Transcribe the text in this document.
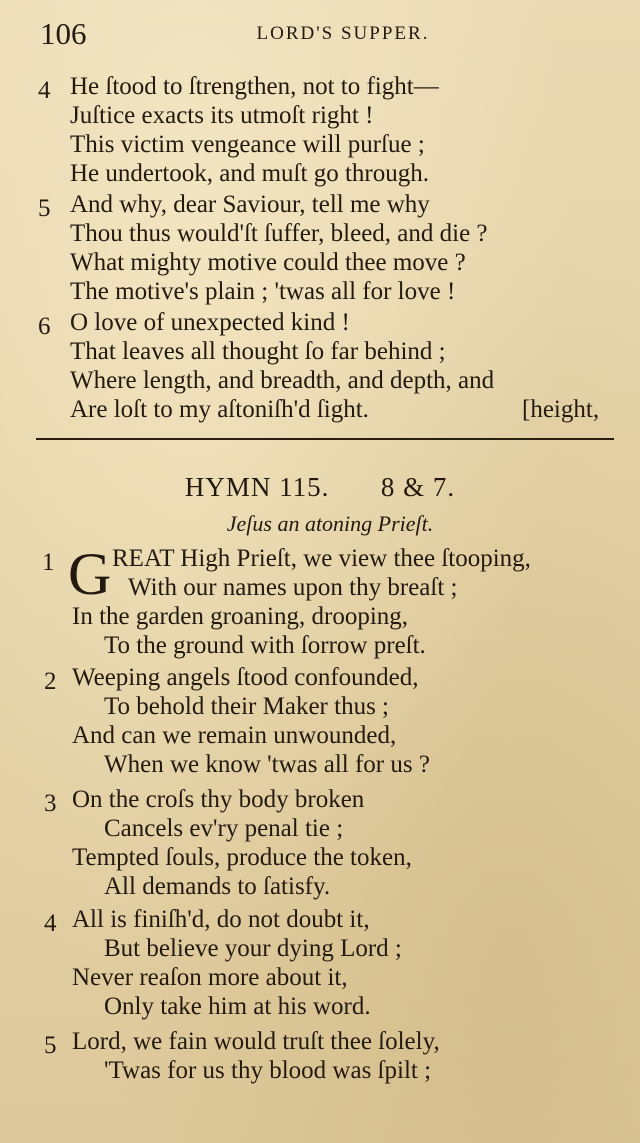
106	LORD'S SUPPER.
4 He ſtood to ſtrengthen, not to fight—
Juſtice exacts its utmoſt right !
This victim vengeance will purſue ;
He undertook, and muſt go through.
5 And why, dear Saviour, tell me why
Thou thus would'ſt ſuffer, bleed, and die ?
What mighty motive could thee move ?
The motive's plain ; 'twas all for love !
6 O love of unexpected kind !
That leaves all thought ſo far behind ;
Where length, and breadth, and depth, and
Are loſt to my aſtoniſh'd ſight.	[height,
HYMN 115. 8 & 7.
Jeſus an atoning Prieſt.
1 G REAT High Prieſt, we view thee ſtooping,
With our names upon thy breaſt ;
In the garden groaning, drooping,
To the ground with ſorrow preſt.
2 Weeping angels ſtood confounded,
To behold their Maker thus ;
And can we remain unwounded,
When we know 'twas all for us ?
3 On the croſs thy body broken
Cancels ev'ry penal tie ;
Tempted ſouls, produce the token,
All demands to ſatisfy.
4 All is finiſh'd, do not doubt it,
But believe your dying Lord ;
Never reaſon more about it,
Only take him at his word.
5 Lord, we fain would truſt thee ſolely,
'Twas for us thy blood was ſpilt ;
